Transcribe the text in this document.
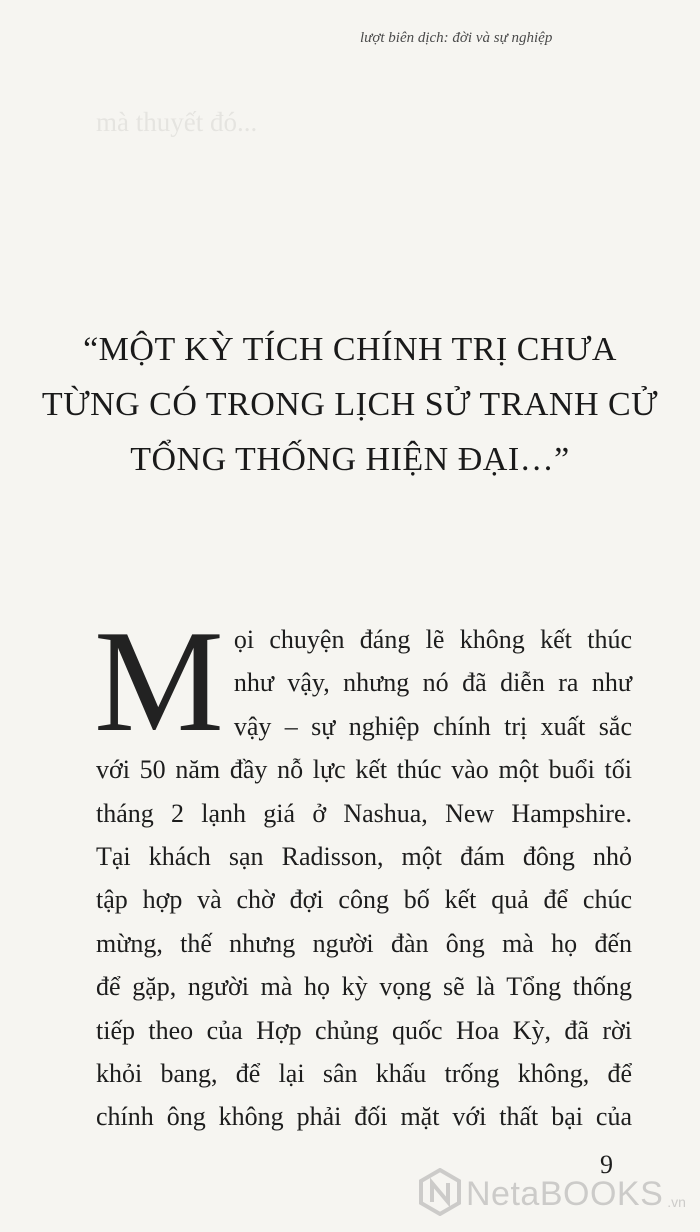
mà thuyết đó...
lượt biên dịch: đời và sự nghiệp
“MỘT KỲ TÍCH CHÍNH TRỊ CHƯA
TỪNG CÓ TRONG LỊCH SỬ TRANH CỬ
TỔNG THỐNG HIỆN ĐẠI…”
M ọi chuyện đáng lẽ không kết thúc
như vậy, nhưng nó đã diễn ra như
vậy – sự nghiệp chính trị xuất sắc
với 50 năm đầy nỗ lực kết thúc vào một buổi tối
tháng 2 lạnh giá ở Nashua, New Hampshire.
Tại khách sạn Radisson, một đám đông nhỏ
tập hợp và chờ đợi công bố kết quả để chúc
mừng, thế nhưng người đàn ông mà họ đến
để gặp, người mà họ kỳ vọng sẽ là Tổng thống
tiếp theo của Hợp chủng quốc Hoa Kỳ, đã rời
khỏi bang, để lại sân khấu trống không, để
chính ông không phải đối mặt với thất bại của
9
NetaBOOKS .vn
